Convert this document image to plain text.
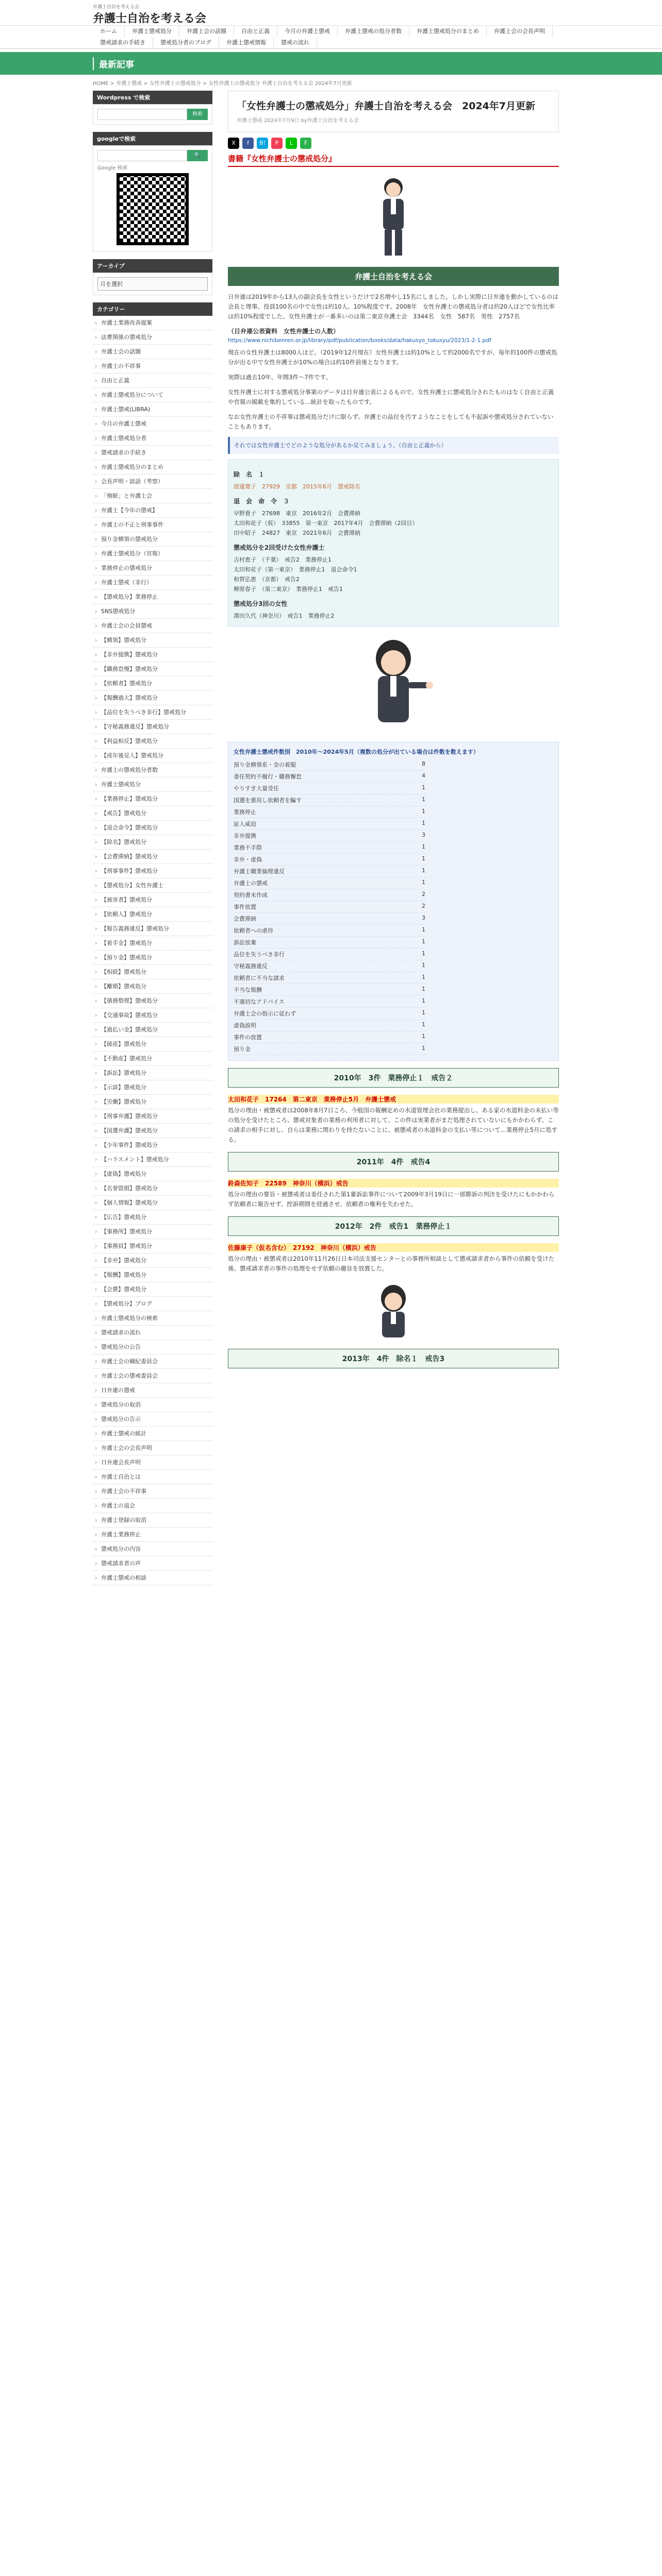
弁護士自治を考える会
弁護士自治を考える会
ホーム	弁護士懲戒処分	弁護士会の話題	自由と正義	今月の弁護士懲戒	弁護士懲戒の処分者数	弁護士懲戒処分のまとめ	弁護士会の会長声明
懲戒請求の手続き	懲戒処分者のブログ	弁護士懲戒情報	懲戒の流れ
最新記事
HOME > 弁護士懲戒 > 女性弁護士の懲戒処分 > 女性弁護士の懲戒処分 弁護士自治を考える会 2024年7月更新
Wordpress で検索
検索
googleで検索
🔍
Google 検索
アーカイブ
月を選択
カテゴリー
› 弁護士業務改善提案
› 法曹関係の懲戒処分
› 弁護士会の話題
› 弁護士の不祥事
› 自由と正義
› 弁護士懲戒処分について
› 弁護士懲戒(LIBRA)
› 今月の弁護士懲戒
› 弁護士懲戒処分者
› 懲戒請求の手続き
› 弁護士懲戒処分のまとめ
› 会長声明・談話（考察）
› 「惰眠」と弁護士会
› 弁護士【今年の懲戒】
› 弁護士の不正と刑事事件
› 預り金横領の懲戒処分
› 弁護士懲戒処分（官報）
› 業務停止の懲戒処分
› 弁護士懲戒（非行）
› 【懲戒処分】業務停止
› SNS懲戒処分
› 弁護士会の会員懲戒
› 【横領】懲戒処分
› 【非弁提携】懲戒処分
› 【職務怠慢】懲戒処分
› 【依頼者】懲戒処分
› 【報酬過大】懲戒処分
› 【品位を失うべき非行】懲戒処分
› 【守秘義務違反】懲戒処分
› 【利益相反】懲戒処分
› 【成年後見人】懲戒処分
› 弁護士の懲戒処分者数
› 弁護士懲戒処分
› 【業務停止】懲戒処分
› 【戒告】懲戒処分
› 【退会命令】懲戒処分
› 【除名】懲戒処分
› 【会費滞納】懲戒処分
› 【刑事事件】懲戒処分
› 【懲戒処分】女性弁護士
› 【被害者】懲戒処分
› 【依頼人】懲戒処分
› 【報告義務違反】懲戒処分
› 【着手金】懲戒処分
› 【預り金】懲戒処分
› 【相続】懲戒処分
› 【離婚】懲戒処分
› 【債務整理】懲戒処分
› 【交通事故】懲戒処分
› 【過払い金】懲戒処分
› 【破産】懲戒処分
› 【不動産】懲戒処分
› 【訴訟】懲戒処分
› 【示談】懲戒処分
› 【労働】懲戒処分
› 【刑事弁護】懲戒処分
› 【国選弁護】懲戒処分
› 【少年事件】懲戒処分
› 【ハラスメント】懲戒処分
› 【虚偽】懲戒処分
› 【名誉毀損】懲戒処分
› 【個人情報】懲戒処分
› 【広告】懲戒処分
› 【事務所】懲戒処分
› 【事務員】懲戒処分
› 【非弁】懲戒処分
› 【報酬】懲戒処分
› 【会費】懲戒処分
› 【懲戒処分】ブログ
› 弁護士懲戒処分の検索
› 懲戒請求の流れ
› 懲戒処分の公告
› 弁護士会の綱紀委員会
› 弁護士会の懲戒委員会
› 日弁連の懲戒
› 懲戒処分の取消
› 懲戒処分の告示
› 弁護士懲戒の統計
› 弁護士会の会長声明
› 日弁連会長声明
› 弁護士自治とは
› 弁護士会の不祥事
› 弁護士の退会
› 弁護士登録の取消
› 弁護士業務停止
› 懲戒処分の内容
› 懲戒請求者の声
› 弁護士懲戒の相談
「女性弁護士の懲戒処分」弁護士自治を考える会　2024年7月更新
弁護士懲戒 2024年7月9日 by弁護士自治を考える会
X	f	B!	P	L	F
書籍『女性弁護士の懲戒処分』
弁護士自治を考える会

日弁連は2019年から13人の副会長を女性というだけで2名増やし15名にしました。しかし実際に日弁連を動かしているのは会長と理事、役員100名の中で女性は約10人、10%程度です。2008年　女性弁護士の懲戒処分者は約20人ほどで女性比率は約10%程度でした。女性弁護士が一番多いのは第二東京弁護士会　3344名　女性　587名　男性　2757名

（日弁連公表資料　女性弁護士の人数）
https://www.nichibenren.or.jp/library/pdf/publication/books/data/hakusyo_tokusyu/2023/1-2-1.pdf

現在の女性弁護士は8000人ほど。（2019年12月現在）女性弁護士は約10%として約2000名ですが、毎年約100件の懲戒処分が出る中で女性弁護士が10%の場合は約10件前後となります。

実際は過去10年、年間3件〜7件です。

女性弁護士に対する懲戒処分事案のデータは日弁連公表によるもので、女性弁護士に懲戒処分されたものはなく自由と正義や官報の掲載を集約している...統計を取ったものです。

なお女性弁護士の不祥事は懲戒処分だけに限らず、弁護士の品位を汚すようなことをしても不起訴や懲戒処分されていないこともあります。

それでは女性弁護士でどのような処分があるか見てみましょう。（自由と正義から）
除　名　１
渡邊寛子　27929　京都　2015年6月　懲戒除名
退　会　命　令　３
早野貴子　27698　東京　2016年2月　会費滞納
太田和花子（仮）　33855　第一東京　2017年4月　会費滞納（2回目）
田中昭子　24827　東京　2021年6月　会費滞納
懲戒処分を2回受けた女性弁護士
吉村恵子　（千葉）　戒告2　業務停止1
太田和花子（第一東京）　業務停止1　退会命令1
和賀弘恵　（京都）　戒告2
柳原春子　（第二東京）　業務停止1　戒告1
懲戒処分3回の女性
澤田久代（神奈川）　戒告1　業務停止2
女性弁護士懲戒件数別　2010年〜2024年5月（複数の処分が出ている場合は件数を数えます）
預り金横領系・金の着服	8
委任契約不履行・職務懈怠	4
やりすぎ大量受任	1
国選を悪用し依頼者を騙す	1
業務停止	1
証人威迫	1
非弁提携	3
業務不手際	1
非弁・虚偽	1
弁護士職業倫理違反	1
弁護士の懲戒	1
契約書未作成	2
事件放置	2
会費滞納	3
依頼者への虐待	1
訴訟放棄	1
品位を失うべき非行	1
守秘義務違反	1
依頼者に不当な請求	1
不当な報酬	1
不適切なアドバイス	1
弁護士会の指示に従わず	1
虚偽説明	1
事件の放置	1
預り金	1
2010年　3件　業務停止１　戒告２
太田和花子　17264　第二東京　業務停止5月　弁護士懲戒

処分の理由・被懲戒者は2008年8月7日ころ、今般国の報酬定めの水道管理会社の業務提出し、ある家の水道料金の未払い等の処分を受けたところ、懲戒対象者の業務の利用者に対して、この件は実業者がまだ処理されていないにもかかわらず、この請求の相手に対し、自らは業務に関わりを持たないことに、被懲戒者の水道料金の支払い等について...業務停止5月に処する。

2011年　4件　戒告4
鈴森佐知子　22589　神奈川（横浜）戒告

処分の理由の要旨・被懲戒者は委任された第1審訴訟事件について2009年3月19日に一部勝訴の判決を受けたにもかかわらず依頼者に報告せず、控訴期間を経過させ、依頼者の権利を失わせた。

2012年　2件　戒告1　業務停止１
佐藤康子（仮名含む）　27192　神奈川（横浜）戒告

処分の理由・被懲戒者は2010年11月26日日本司法支援センターとの事務所相談として懲戒請求者から事件の依頼を受けた後、懲戒請求者の事件の処理をせず依頼の趣旨を放置した。

2013年　4件　除名１　戒告3
